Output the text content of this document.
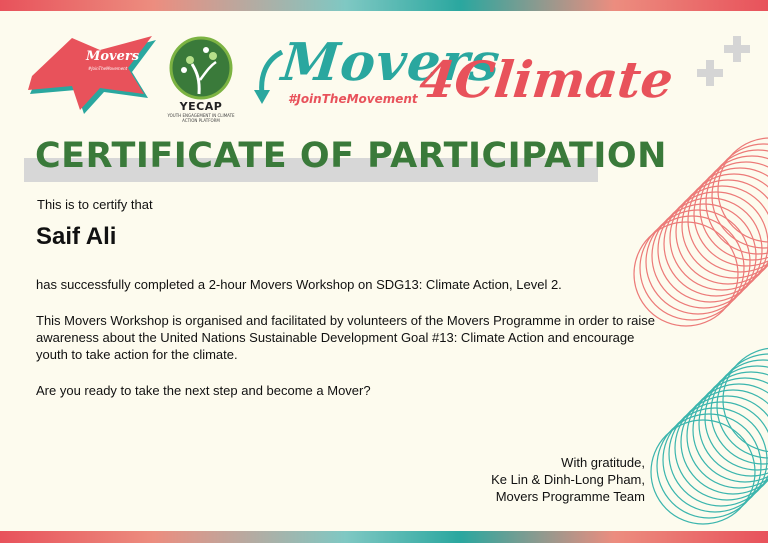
Movers
#JoinTheMovement
YECAP
YOUTH ENGAGEMENT IN CLIMATE ACTION PLATFORM
Movers
4Climate
#JoinTheMovement
CERTIFICATE OF PARTICIPATION
This is to certify that
Saif Ali
has successfully completed a 2-hour Movers Workshop on SDG13: Climate Action, Level 2.
This Movers Workshop is organised and facilitated by volunteers of the Movers Programme in order to raise awareness about the United Nations Sustainable Development Goal #13: Climate Action and encourage youth to take action for the climate.
Are you ready to take the next step and become a Mover?
With gratitude,
Ke Lin & Dinh-Long Pham,
Movers Programme Team
